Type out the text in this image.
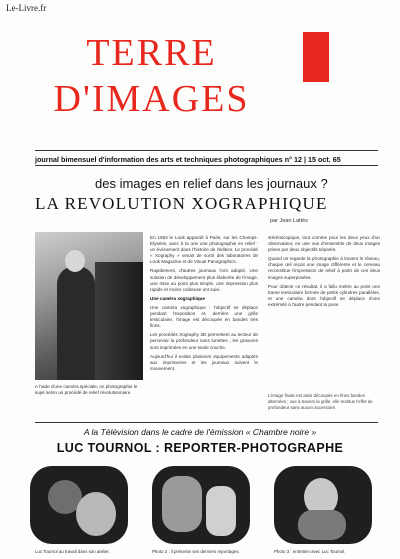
Le-Livre.fr
TERRE
D'IMAGES
journal bimensuel d'information des arts et techniques photographiques n° 12 | 15 oct. 65
des images en relief dans les journaux ?
LA REVOLUTION XOGRAPHIQUE
par Jean Lattès
A l'aide d'une caméra spéciale, on photographie le sujet selon un procédé de relief révolutionnaire.

En 1963 le Look apparaît à Paris, sur les Champs-Elysées, avec à la une une photographie en relief : un événement dans l'histoire de l'édition. Le procédé « Xography » venait de sortir des laboratoires de Look Magazine et de Visual Panographics.

Rapidement, d'autres journaux l'ont adopté. Une solution de développement plus élaborée de l'image, une mise au point plus simple, une impression plus rapide et moins coûteuse ont suivi.

Une caméra xographique

Une caméra xographique : l'objectif se déplace pendant l'exposition et, derrière une grille lenticulaire, l'image est découpée en bandes très fines.

Les procédés Xography 3D permettent au lecteur de percevoir la profondeur sans lunettes ; les gravures sont imprimées en une seule couche.

Aujourd'hui il existe plusieurs équipements adaptés aux imprimeries et les journaux suivent le mouvement.

stéréoscopique, tout comme pour les deux yeux d'un observateur, en une vue d'ensemble de deux images prises par deux objectifs séparés.

Quand on regarde la photographie à travers le réseau, chaque œil reçoit une image différente et le cerveau reconstitue l'impression de relief à partir de ces deux images superposées.

Pour obtenir ce résultat, il a fallu mettre au point une trame lenticulaire formée de petits cylindres parallèles, et une caméra dont l'objectif se déplace d'une extrémité à l'autre pendant la pose.

L'image finale est ainsi découpée en fines bandes alternées ; vue à travers la grille, elle restitue l'effet de profondeur sans aucun accessoire.
A la Télévision dans le cadre de l'émission « Chambre noire »
LUC TOURNOL : REPORTER-PHOTOGRAPHE
Luc Tournol au travail dans son atelier.	Photo 2 : il présente ses derniers reportages.	Photo 3 : entretien avec Luc Tournol.
